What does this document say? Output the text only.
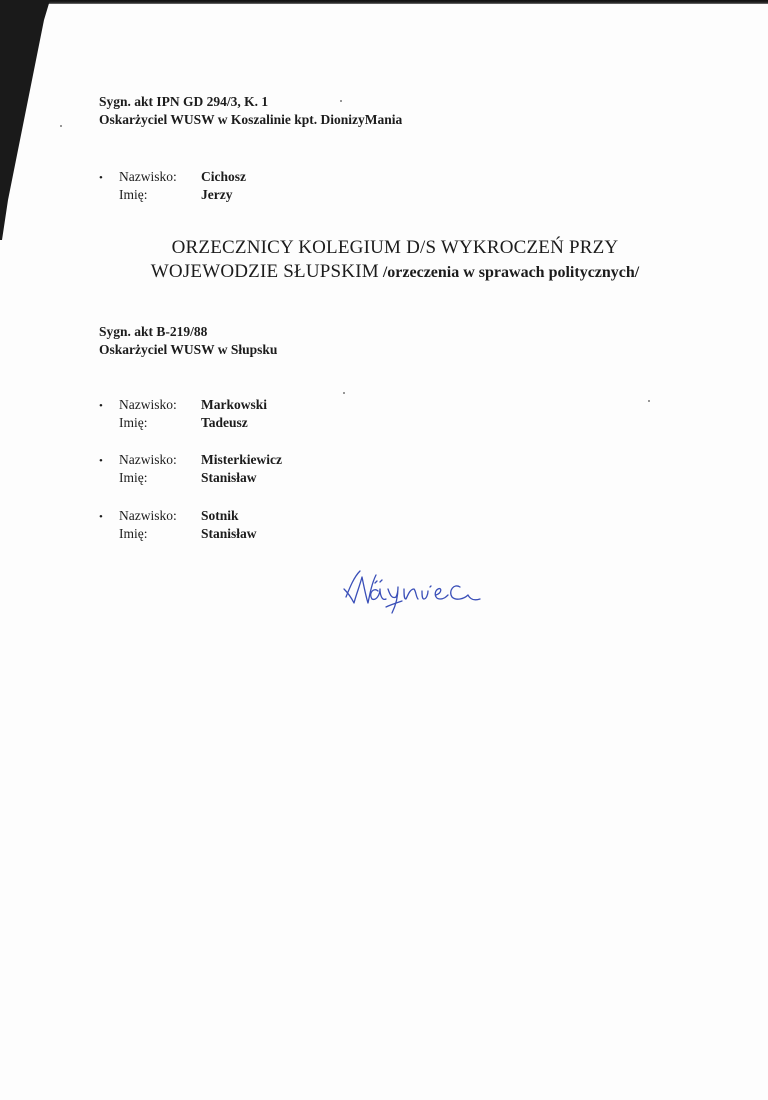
Sygn. akt IPN GD 294/3, K. 1
Oskarżyciel WUSW w Koszalinie kpt. DionizyMania
•	Nazwisko:	Cichosz
Imię:	Jerzy
ORZECZNICY KOLEGIUM D/S WYKROCZEŃ PRZY
WOJEWODZIE SŁUPSKIM /orzeczenia w sprawach politycznych/
Sygn. akt B-219/88
Oskarżyciel WUSW w Słupsku
•	Nazwisko:	Markowski
Imię:	Tadeusz
•	Nazwisko:	Misterkiewicz
Imię:	Stanisław
•	Nazwisko:	Sotnik
Imię:	Stanisław
